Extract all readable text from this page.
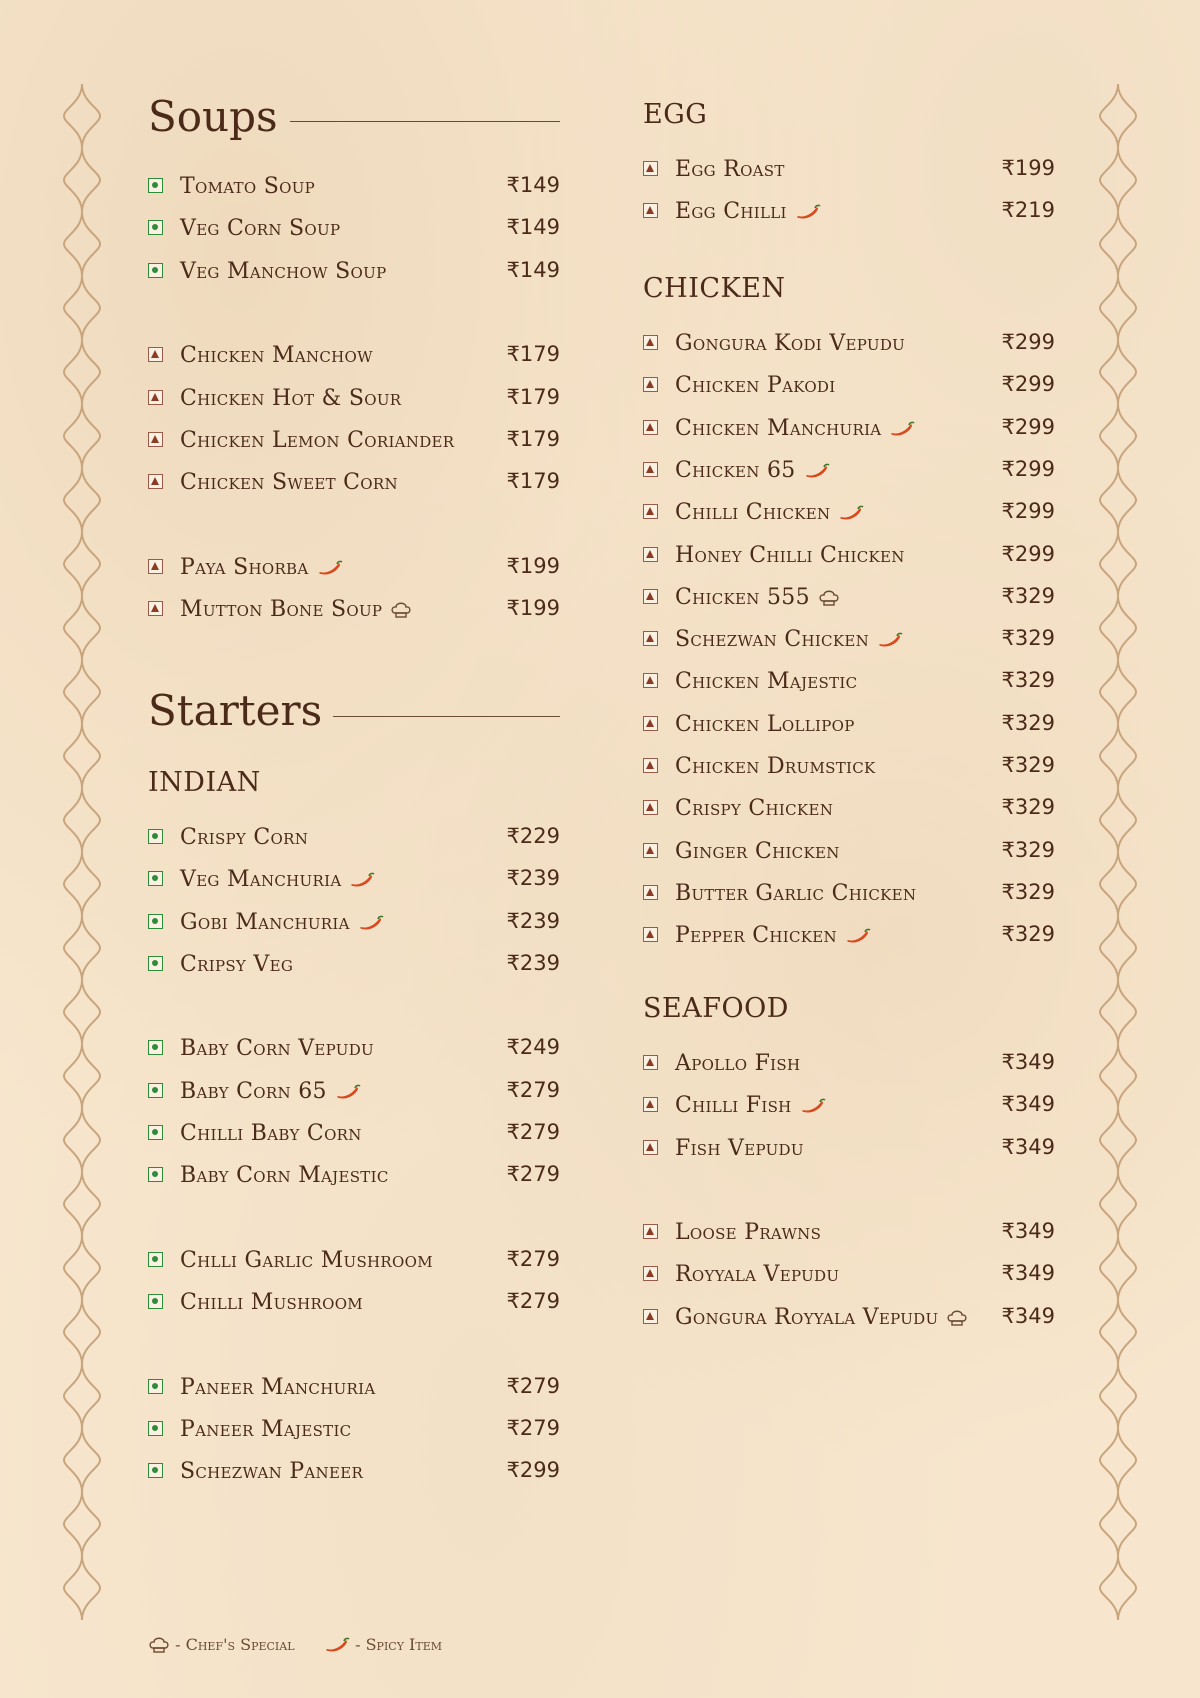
Soups
Tomato Soup	₹149
Veg Corn Soup	₹149
Veg Manchow Soup	₹149
Chicken Manchow	₹179
Chicken Hot & Sour	₹179
Chicken Lemon Coriander ₹179
Chicken Sweet Corn	₹179
Paya Shorba	₹199
Mutton Bone Soup	₹199
Starters
INDIAN
Crispy Corn	₹229
Veg Manchuria	₹239
Gobi Manchuria	₹239
Cripsy Veg	₹239
Baby Corn Vepudu	₹249
Baby Corn 65	₹279
Chilli Baby Corn	₹279
Baby Corn Majestic	₹279
Chlli Garlic Mushroom	₹279
Chilli Mushroom	₹279
Paneer Manchuria	₹279
Paneer Majestic	₹279
Schezwan Paneer	₹299
EGG
Egg Roast	₹199
Egg Chilli	₹219
CHICKEN
Gongura Kodi Vepudu	₹299
Chicken Pakodi	₹299
Chicken Manchuria	₹299
Chicken 65	₹299
Chilli Chicken	₹299
Honey Chilli Chicken	₹299
Chicken 555	₹329
Schezwan Chicken	₹329
Chicken Majestic	₹329
Chicken Lollipop	₹329
Chicken Drumstick	₹329
Crispy Chicken	₹329
Ginger Chicken	₹329
Butter Garlic Chicken	₹329
Pepper Chicken	₹329
SEAFOOD
Apollo Fish	₹349
Chilli Fish	₹349
Fish Vepudu	₹349
Loose Prawns	₹349
Royyala Vepudu	₹349
Gongura Royyala Vepudu	₹349
- Chef's Special	- Spicy Item
